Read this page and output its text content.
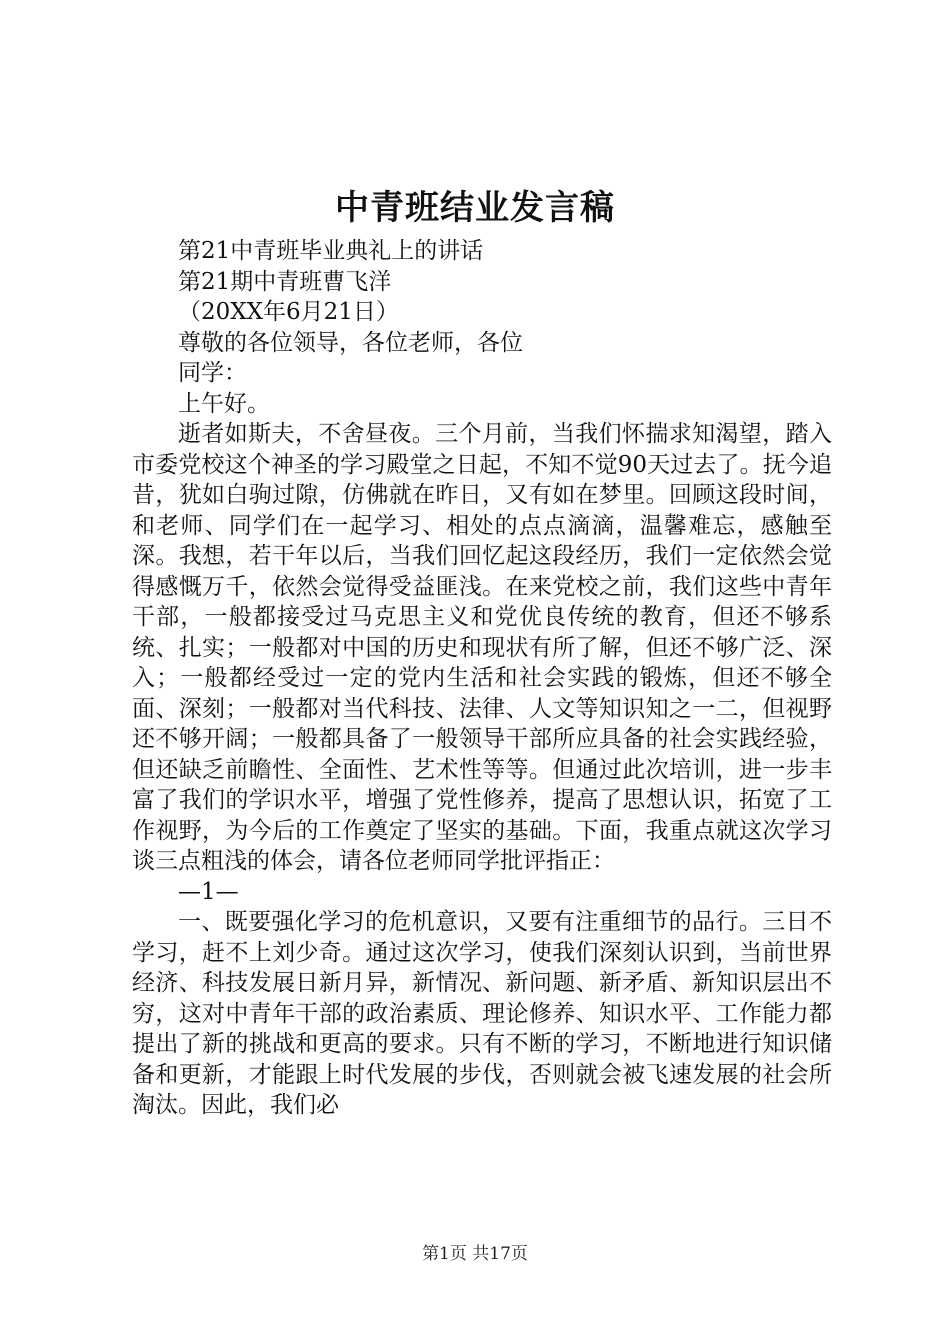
中青班结业发言稿

第21中青班毕业典礼上的讲话

第21期中青班曹飞洋

（20XX年6月21日）

尊敬的各位领导，各位老师，各位

同学：

上午好。

逝者如斯夫，不舍昼夜。三个月前，当我们怀揣求知渴望，踏入市委党校这个神圣的学习殿堂之日起，不知不觉90天过去了。抚今追昔，犹如白驹过隙，仿佛就在昨日，又有如在梦里。回顾这段时间，和老师、同学们在一起学习、相处的点点滴滴，温馨难忘，感触至深。我想，若干年以后，当我们回忆起这段经历，我们一定依然会觉得感慨万千，依然会觉得受益匪浅。在来党校之前，我们这些中青年干部，一般都接受过马克思主义和党优良传统的教育，但还不够系统、扎实；一般都对中国的历史和现状有所了解，但还不够广泛、深入；一般都经受过一定的党内生活和社会实践的锻炼，但还不够全面、深刻；一般都对当代科技、法律、人文等知识知之一二，但视野还不够开阔；一般都具备了一般领导干部所应具备的社会实践经验，但还缺乏前瞻性、全面性、艺术性等等。但通过此次培训，进一步丰富了我们的学识水平，增强了党性修养，提高了思想认识，拓宽了工作视野，为今后的工作奠定了坚实的基础。下面，我重点就这次学习谈三点粗浅的体会，请各位老师同学批评指正：

—1—

一、既要强化学习的危机意识，又要有注重细节的品行。三日不学习，赶不上刘少奇。通过这次学习，使我们深刻认识到，当前世界经济、科技发展日新月异，新情况、新问题、新矛盾、新知识层出不穷，这对中青年干部的政治素质、理论修养、知识水平、工作能力都提出了新的挑战和更高的要求。只有不断的学习，不断地进行知识储备和更新，才能跟上时代发展的步伐，否则就会被飞速发展的社会所淘汰。因此，我们必

第1页 共17页
